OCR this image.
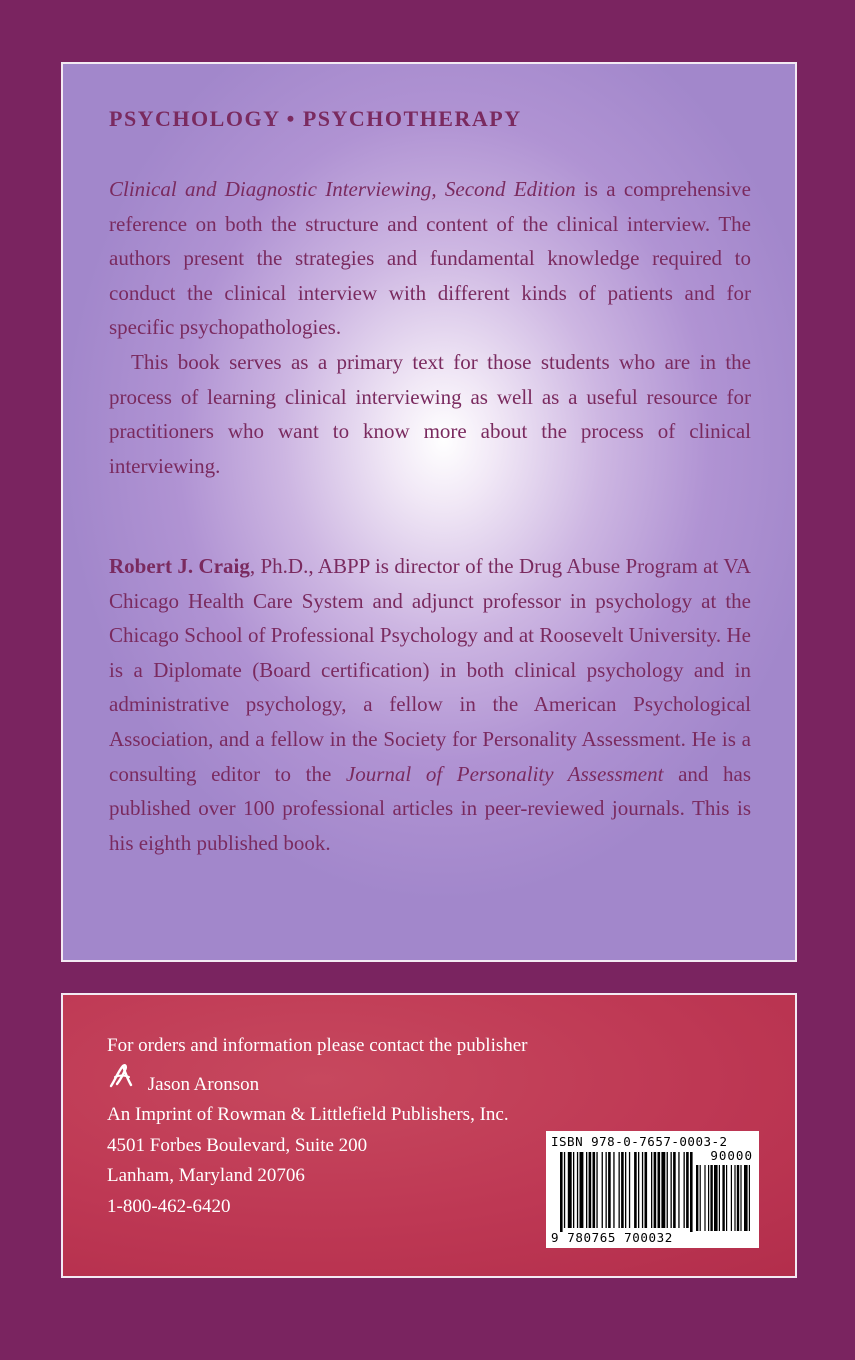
PSYCHOLOGY • PSYCHOTHERAPY

Clinical and Diagnostic Interviewing, Second Edition is a comprehensive reference on both the structure and content of the clinical interview. The authors present the strategies and fundamental knowledge required to conduct the clinical interview with different kinds of patients and for specific psychopathologies.

This book serves as a primary text for those students who are in the process of learning clinical interviewing as well as a useful resource for practitioners who want to know more about the process of clinical interviewing.

Robert J. Craig, Ph.D., ABPP is director of the Drug Abuse Program at VA Chicago Health Care System and adjunct professor in psychology at the Chicago School of Professional Psychology and at Roosevelt University. He is a Diplomate (Board certification) in both clinical psychology and in administrative psychology, a fellow in the American Psychological Association, and a fellow in the Society for Personality Assessment. He is a consulting editor to the Journal of Personality Assessment and has published over 100 professional articles in peer-reviewed journals. This is his eighth published book.

For orders and information please contact the publisher
Jason Aronson
An Imprint of Rowman & Littlefield Publishers, Inc.
4501 Forbes Boulevard, Suite 200
Lanham, Maryland 20706
1-800-462-6420
ISBN 978-0-7657-0003-2
90000
9 780765 700032
